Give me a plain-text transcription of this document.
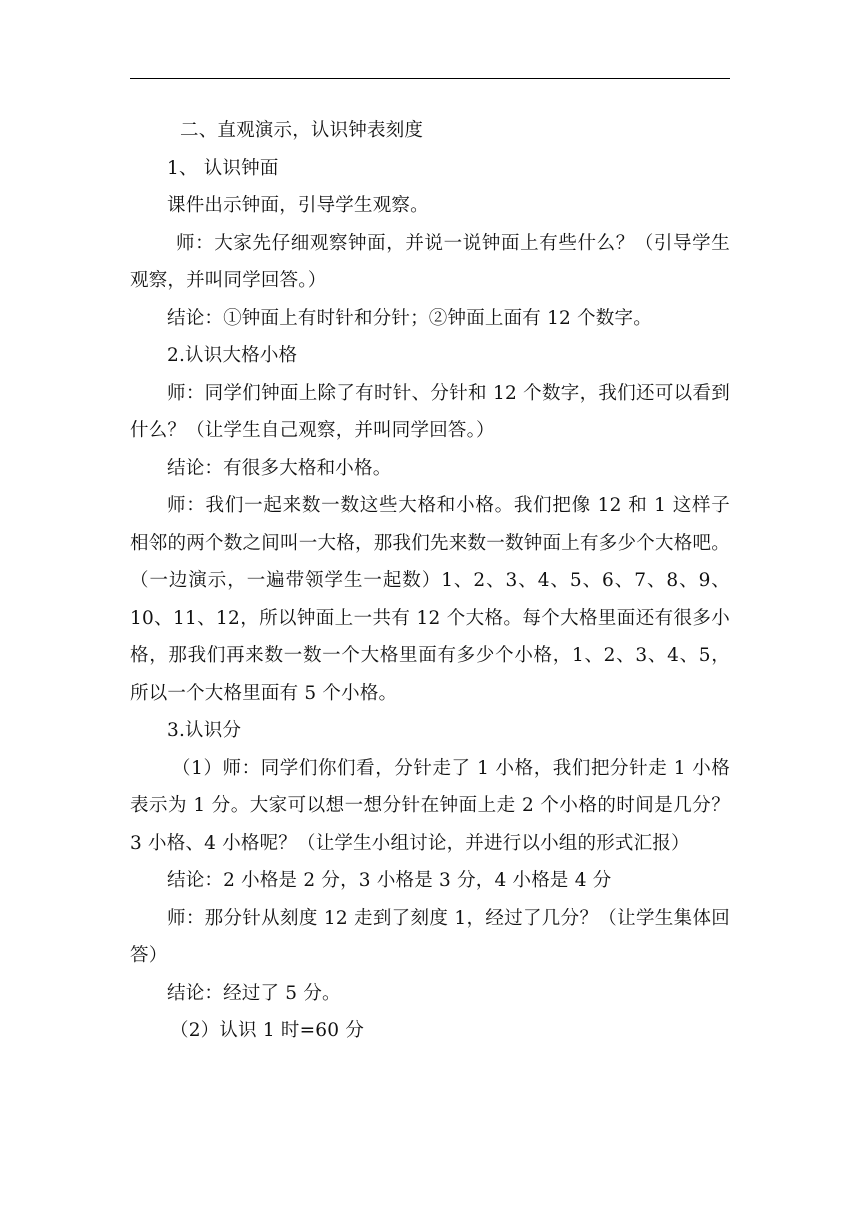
二、直观演示，认识钟表刻度

1、 认识钟面

课件出示钟面，引导学生观察。

师：大家先仔细观察钟面，并说一说钟面上有些什么？（引导学生观察，并叫同学回答。）

结论：①钟面上有时针和分针；②钟面上面有 12 个数字。

2.认识大格小格

师：同学们钟面上除了有时针、分针和 12 个数字，我们还可以看到什么？（让学生自己观察，并叫同学回答。）

结论：有很多大格和小格。

师：我们一起来数一数这些大格和小格。我们把像 12 和 1 这样子相邻的两个数之间叫一大格，那我们先来数一数钟面上有多少个大格吧。（一边演示，一遍带领学生一起数）1、2、3、4、5、6、7、8、9、10、11、12，所以钟面上一共有 12 个大格。每个大格里面还有很多小格，那我们再来数一数一个大格里面有多少个小格，1、2、3、4、5，所以一个大格里面有 5 个小格。

3.认识分

（1）师：同学们你们看，分针走了 1 小格，我们把分针走 1 小格表示为 1 分。大家可以想一想分针在钟面上走 2 个小格的时间是几分？3 小格、4 小格呢？（让学生小组讨论，并进行以小组的形式汇报）

结论：2 小格是 2 分，3 小格是 3 分，4 小格是 4 分

师：那分针从刻度 12 走到了刻度 1，经过了几分？（让学生集体回答）

结论：经过了 5 分。

（2）认识 1 时=60 分
